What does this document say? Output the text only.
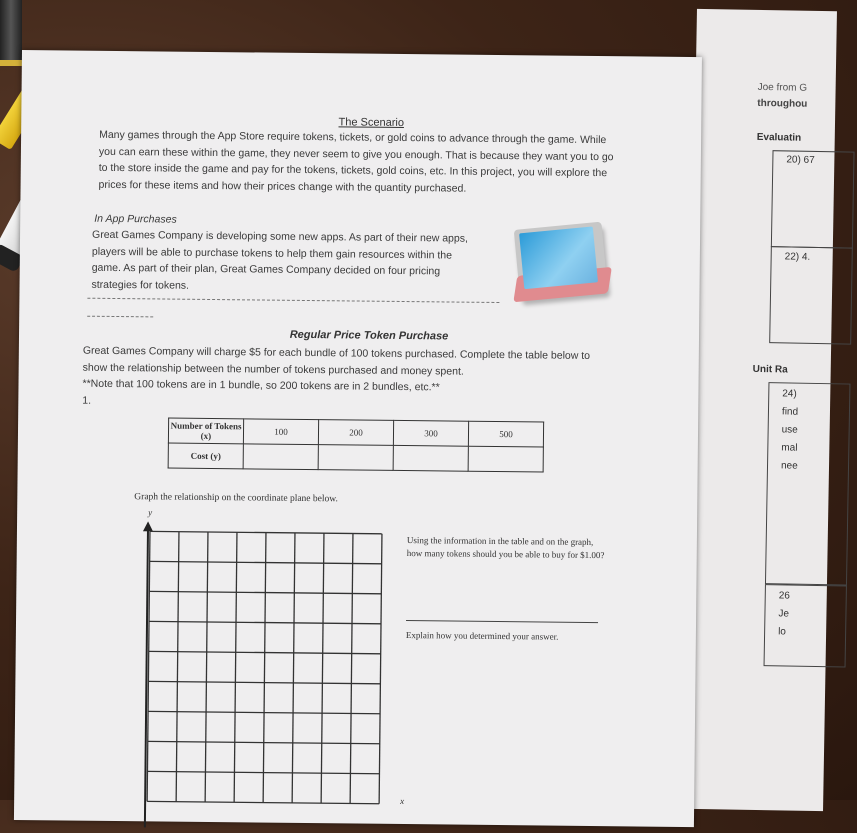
Joe from G
throughou
Evaluatin
20) 67
22) 4.
Unit Ra
24)
find
use
mal
nee
26
Je
lo
The Scenario
Many games through the App Store require tokens, tickets, or gold coins to advance through the game. While
you can earn these within the game, they never seem to give you enough. That is because they want you to go
to the store inside the game and pay for the tokens, tickets, gold coins, etc. In this project, you will explore the
prices for these items and how their prices change with the quantity purchased.
In App Purchases
Great Games Company is developing some new apps. As part of their new apps,
players will be able to purchase tokens to help them gain resources within the
game. As part of their plan, Great Games Company decided on four pricing
strategies for tokens.
Regular Price Token Purchase
Great Games Company will charge $5 for each bundle of 100 tokens purchased. Complete the table below to
show the relationship between the number of tokens purchased and money spent.
**Note that 100 tokens are in 1 bundle, so 200 tokens are in 2 bundles, etc.**
1.
Number of Tokens (x)	100	200	300	500
Cost (y)				
Graph the relationship on the coordinate plane below.
y
x
Using the information in the table and on the graph, how many tokens should you be able to buy for $1.00?
Explain how you determined your answer.
